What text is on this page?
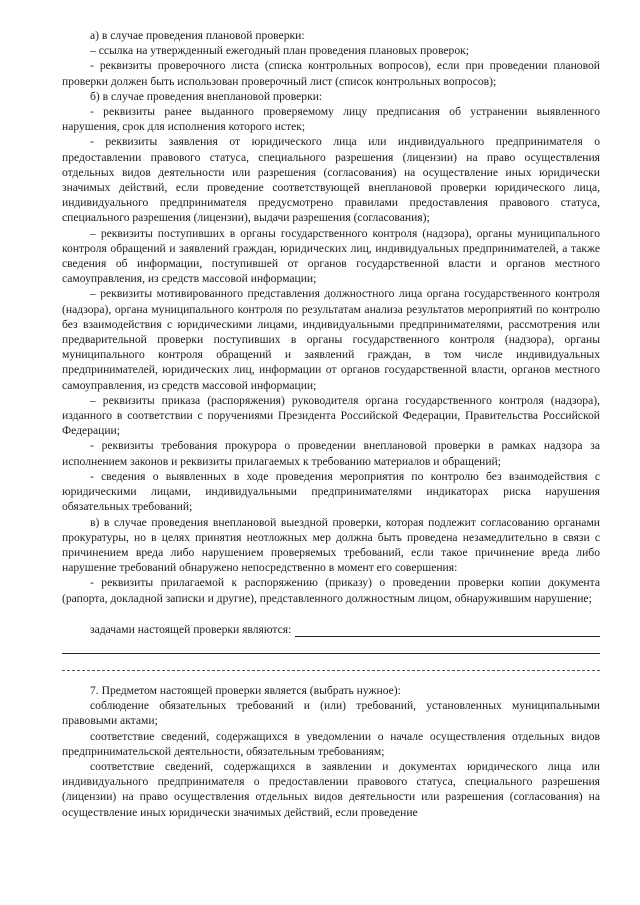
а) в случае проведения плановой проверки:

– ссылка на утвержденный ежегодный план проведения плановых проверок;

- реквизиты проверочного листа (списка контрольных вопросов), если при проведении плановой проверки должен быть использован проверочный лист (список контрольных вопросов);

б) в случае проведения внеплановой проверки:

- реквизиты ранее выданного проверяемому лицу предписания об устранении выявленного нарушения, срок для исполнения которого истек;

- реквизиты заявления от юридического лица или индивидуального предпринимателя о предоставлении правового статуса, специального разрешения (лицензии) на право осуществления отдельных видов деятельности или разрешения (согласования) на осуществление иных юридически значимых действий, если проведение соответствующей внеплановой проверки юридического лица, индивидуального предпринимателя предусмотрено правилами предоставления правового статуса, специального разрешения (лицензии), выдачи разрешения (согласования);

– реквизиты поступивших в органы государственного контроля (надзора), органы муниципального контроля обращений и заявлений граждан, юридических лиц, индивидуальных предпринимателей, а также сведения об информации, поступившей от органов государственной власти и органов местного самоуправления, из средств массовой информации;

– реквизиты мотивированного представления должностного лица органа государственного контроля (надзора), органа муниципального контроля по результатам анализа результатов мероприятий по контролю без взаимодействия с юридическими лицами, индивидуальными предпринимателями, рассмотрения или предварительной проверки поступивших в органы государственного контроля (надзора), органы муниципального контроля обращений и заявлений граждан, в том числе индивидуальных предпринимателей, юридических лиц, информации от органов государственной власти, органов местного самоуправления, из средств массовой информации;

– реквизиты приказа (распоряжения) руководителя органа государственного контроля (надзора), изданного в соответствии с поручениями Президента Российской Федерации, Правительства Российской Федерации;

- реквизиты требования прокурора о проведении внеплановой проверки в рамках надзора за исполнением законов и реквизиты прилагаемых к требованию материалов и обращений;

- сведения о выявленных в ходе проведения мероприятия по контролю без взаимодействия с юридическими лицами, индивидуальными предпринимателями индикаторах риска нарушения обязательных требований;

в) в случае проведения внеплановой выездной проверки, которая подлежит согласованию органами прокуратуры, но в целях принятия неотложных мер должна быть проведена незамедлительно в связи с причинением вреда либо нарушением проверяемых требований, если такое причинение вреда либо нарушение требований обнаружено непосредственно в момент его совершения:

- реквизиты прилагаемой к распоряжению (приказу) о проведении проверки копии документа (рапорта, докладной записки и другие), представленного должностным лицом, обнаружившим нарушение;

задачами настоящей проверки являются:

7. Предметом настоящей проверки является (выбрать нужное):

соблюдение обязательных требований и (или) требований, установленных муниципальными правовыми актами;

соответствие сведений, содержащихся в уведомлении о начале осуществления отдельных видов предпринимательской деятельности, обязательным требованиям;

соответствие сведений, содержащихся в заявлении и документах юридического лица или индивидуального предпринимателя о предоставлении правового статуса, специального разрешения (лицензии) на право осуществления отдельных видов деятельности или разрешения (согласования) на осуществление иных юридически значимых действий, если проведение
